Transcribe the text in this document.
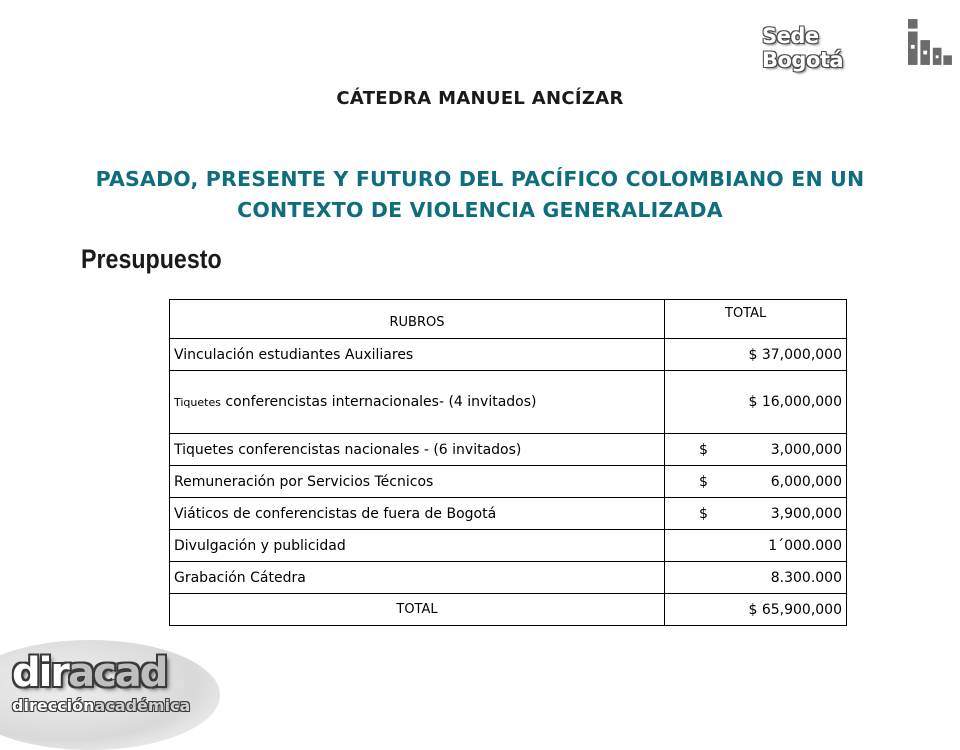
Sede Bogotá
CÁTEDRA MANUEL ANCÍZAR
PASADO, PRESENTE Y FUTURO DEL PACÍFICO COLOMBIANO EN UN CONTEXTO DE VIOLENCIA GENERALIZADA
Presupuesto
RUBROS	TOTAL
Vinculación estudiantes Auxiliares	$ 37,000,000
Tiquetes conferencistas internacionales- (4 invitados)	$ 16,000,000
Tiquetes conferencistas nacionales - (6 invitados)	$ 3,000,000
Remuneración por Servicios Técnicos	$ 6,000,000
Viáticos de conferencistas de fuera de Bogotá	$ 3,900,000
Divulgación y publicidad	1´000.000
Grabación Cátedra	8.300.000
TOTAL	$ 65,900,000
diracad
direcciónacadémica
